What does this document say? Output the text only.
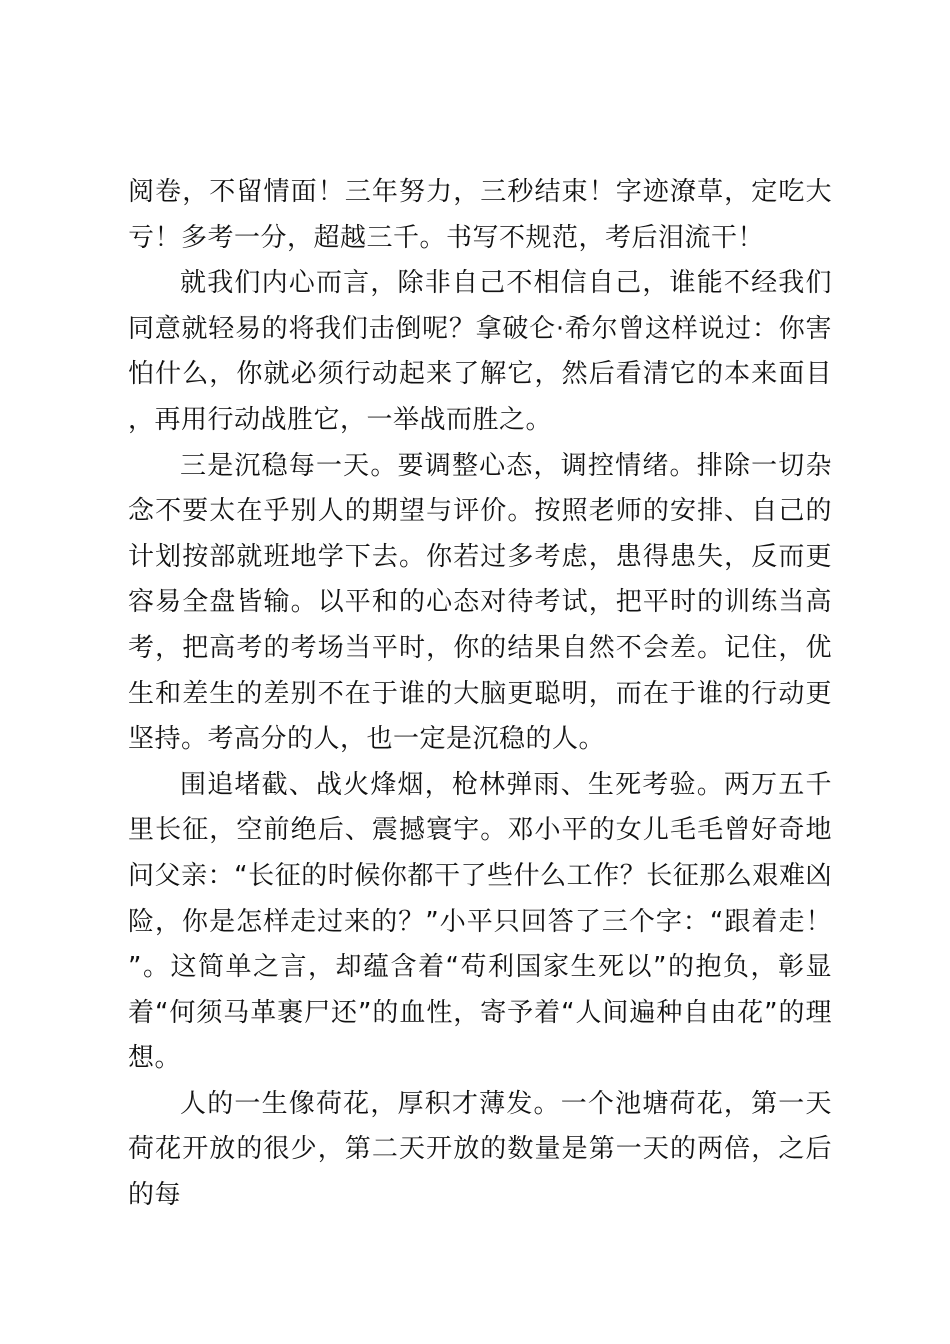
阅卷，不留情面！三年努力，三秒结束！字迹潦草，定吃大亏！多考一分，超越三千。书写不规范，考后泪流干！

就我们内心而言，除非自己不相信自己，谁能不经我们同意就轻易的将我们击倒呢？拿破仑·希尔曾这样说过：你害怕什么，你就必须行动起来了解它，然后看清它的本来面目，再用行动战胜它，一举战而胜之。

三是沉稳每一天。要调整心态，调控情绪。排除一切杂念不要太在乎别人的期望与评价。按照老师的安排、自己的计划按部就班地学下去。你若过多考虑，患得患失，反而更容易全盘皆输。以平和的心态对待考试，把平时的训练当高考，把高考的考场当平时，你的结果自然不会差。记住，优生和差生的差别不在于谁的大脑更聪明，而在于谁的行动更坚持。考高分的人，也一定是沉稳的人。

围追堵截、战火烽烟，枪林弹雨、生死考验。两万五千里长征，空前绝后、震撼寰宇。邓小平的女儿毛毛曾好奇地问父亲：“长征的时候你都干了些什么工作？长征那么艰难凶险，你是怎样走过来的？”小平只回答了三个字：“跟着走！”。这简单之言，却蕴含着“苟利国家生死以”的抱负，彰显着“何须马革裹尸还”的血性，寄予着“人间遍种自由花”的理想。

人的一生像荷花，厚积才薄发。一个池塘荷花，第一天荷花开放的很少，第二天开放的数量是第一天的两倍，之后的每
